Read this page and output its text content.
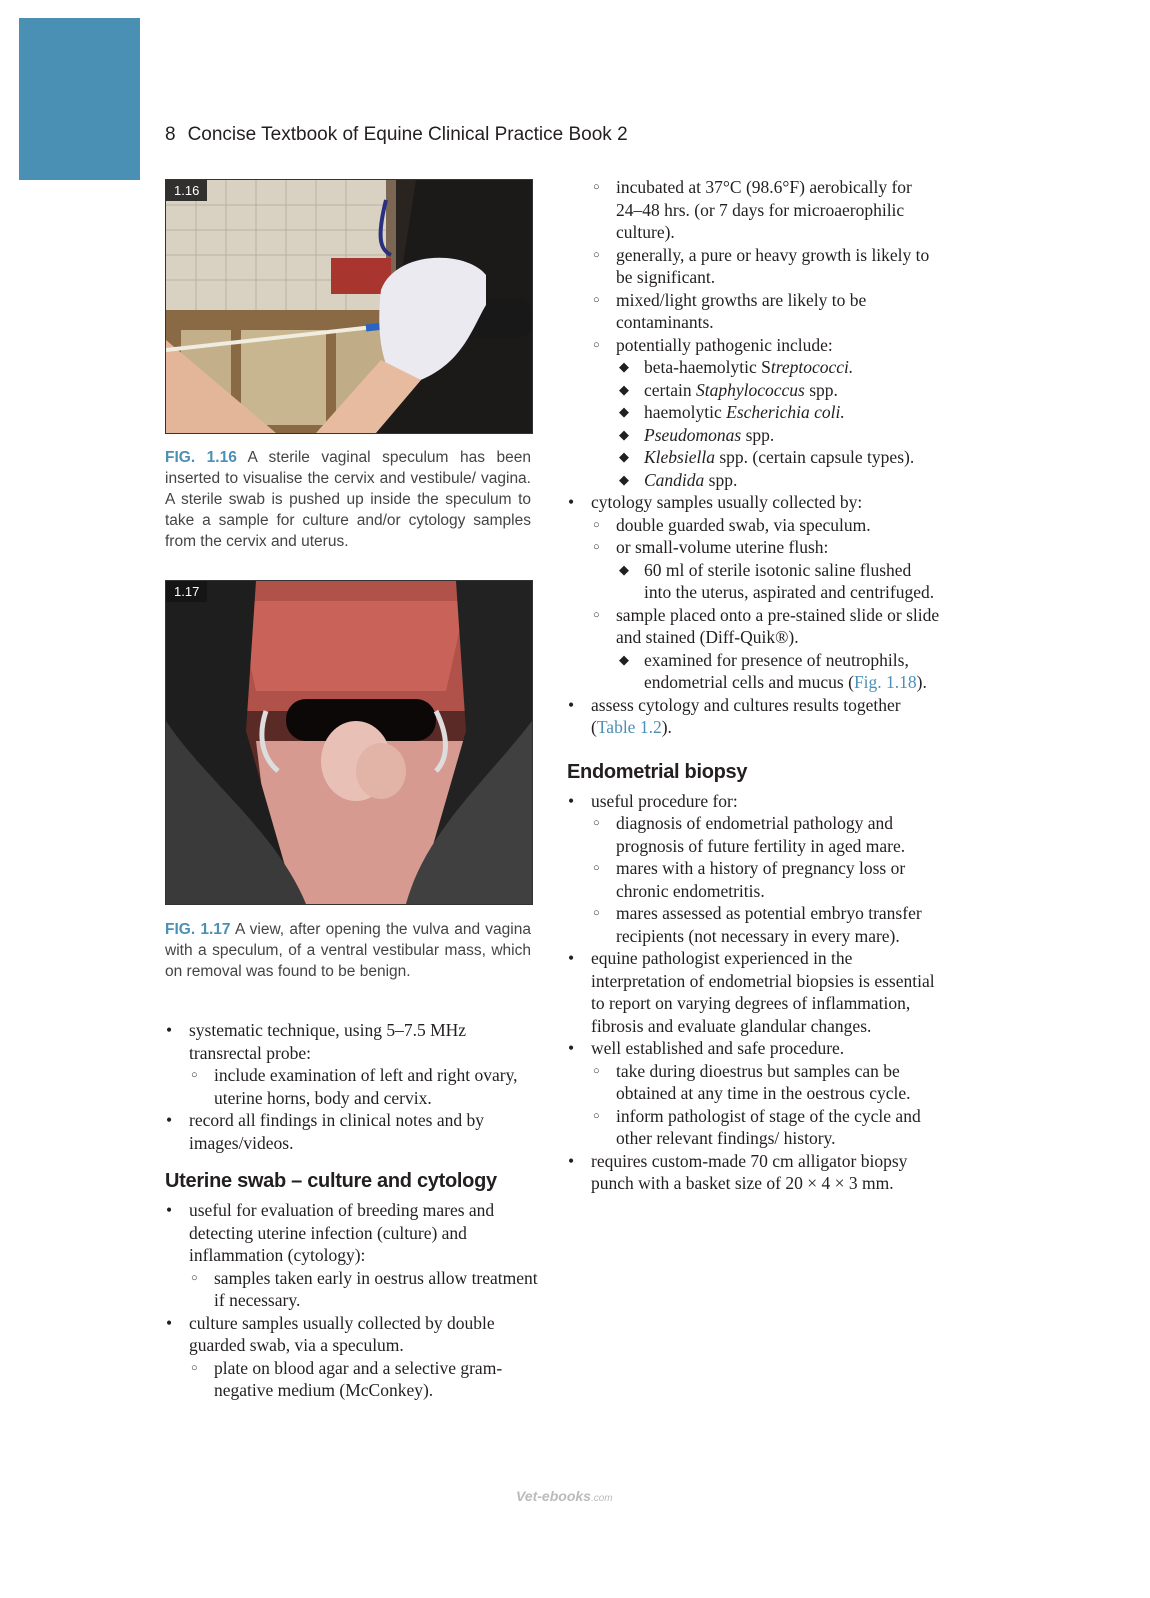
8 Concise Textbook of Equine Clinical Practice Book 2
1.16
FIG. 1.16 A sterile vaginal speculum has been inserted to visualise the cervix and vestibule/ vagina. A sterile swab is pushed up inside the speculum to take a sample for culture and/or cytology samples from the cervix and uterus.
1.17
FIG. 1.17 A view, after opening the vulva and vagina with a speculum, of a ventral vestibular mass, which on removal was found to be benign.
• systematic technique, using 5–7.5 MHz transrectal probe:
○ include examination of left and right ovary, uterine horns, body and cervix.
• record all findings in clinical notes and by images/videos.
Uterine swab – culture and cytology
• useful for evaluation of breeding mares and detecting uterine infection (culture) and inflammation (cytology):
○ samples taken early in oestrus allow treatment if necessary.
• culture samples usually collected by double guarded swab, via a speculum.
○ plate on blood agar and a selective gram-negative medium (McConkey).
○ incubated at 37°C (98.6°F) aerobically for 24–48 hrs. (or 7 days for microaerophilic culture).
○ generally, a pure or heavy growth is likely to be significant.
○ mixed/light growths are likely to be contaminants.
○ potentially pathogenic include:
◆ beta-haemolytic Streptococci.
◆ certain Staphylococcus spp.
◆ haemolytic Escherichia coli.
◆ Pseudomonas spp.
◆ Klebsiella spp. (certain capsule types).
◆ Candida spp.
• cytology samples usually collected by:
○ double guarded swab, via speculum.
○ or small-volume uterine flush:
◆ 60 ml of sterile isotonic saline flushed into the uterus, aspirated and centrifuged.
○ sample placed onto a pre-stained slide or slide and stained (Diff-Quik®).
◆ examined for presence of neutrophils, endometrial cells and mucus (Fig. 1.18).
• assess cytology and cultures results together (Table 1.2).
Endometrial biopsy
• useful procedure for:
○ diagnosis of endometrial pathology and prognosis of future fertility in aged mare.
○ mares with a history of pregnancy loss or chronic endometritis.
○ mares assessed as potential embryo transfer recipients (not necessary in every mare).
• equine pathologist experienced in the interpretation of endometrial biopsies is essential to report on varying degrees of inflammation, fibrosis and evaluate glandular changes.
• well established and safe procedure.
○ take during dioestrus but samples can be obtained at any time in the oestrous cycle.
○ inform pathologist of stage of the cycle and other relevant findings/ history.
• requires custom-made 70 cm alligator biopsy punch with a basket size of 20 × 4 × 3 mm.
Vet-ebooks.com
